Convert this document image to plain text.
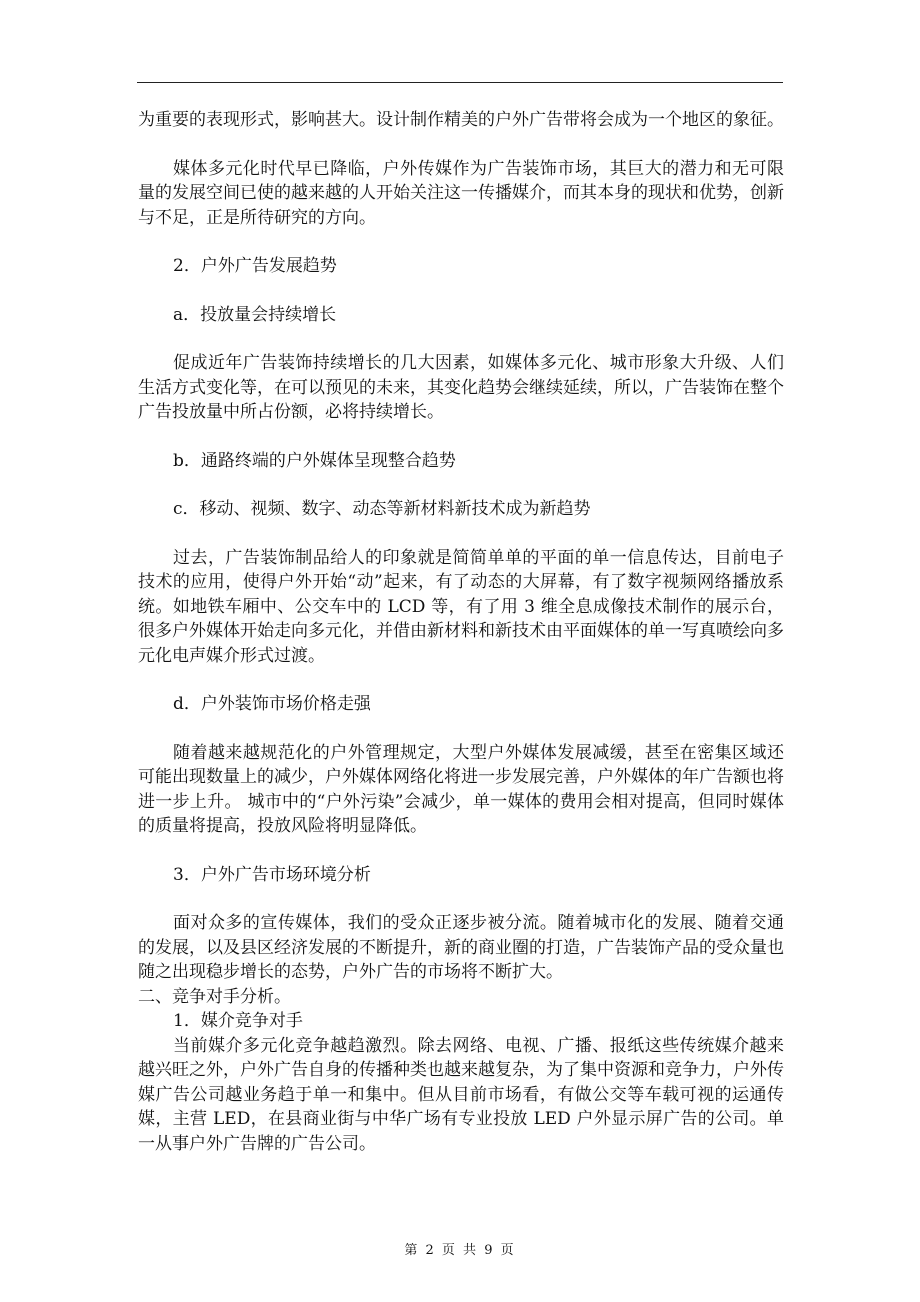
为重要的表现形式，影响甚大。设计制作精美的户外广告带将会成为一个地区的象征。

媒体多元化时代早已降临，户外传媒作为广告装饰市场，其巨大的潜力和无可限量的发展空间已使的越来越的人开始关注这一传播媒介，而其本身的现状和优势，创新与不足，正是所待研究的方向。

2．户外广告发展趋势

a．投放量会持续增长

促成近年广告装饰持续增长的几大因素，如媒体多元化、城市形象大升级、人们生活方式变化等，在可以预见的未来，其变化趋势会继续延续，所以，广告装饰在整个广告投放量中所占份额，必将持续增长。

b．通路终端的户外媒体呈现整合趋势

c．移动、视频、数字、动态等新材料新技术成为新趋势

过去，广告装饰制品给人的印象就是简简单单的平面的单一信息传达，目前电子技术的应用，使得户外开始“动”起来，有了动态的大屏幕，有了数字视频网络播放系统。如地铁车厢中、公交车中的 LCD 等，有了用 3 维全息成像技术制作的展示台，很多户外媒体开始走向多元化，并借由新材料和新技术由平面媒体的单一写真喷绘向多元化电声媒介形式过渡。

d．户外装饰市场价格走强

随着越来越规范化的户外管理规定，大型户外媒体发展减缓，甚至在密集区域还可能出现数量上的减少，户外媒体网络化将进一步发展完善，户外媒体的年广告额也将进一步上升。 城市中的“户外污染”会减少，单一媒体的费用会相对提高，但同时媒体的质量将提高，投放风险将明显降低。

3．户外广告市场环境分析

面对众多的宣传媒体，我们的受众正逐步被分流。随着城市化的发展、随着交通的发展，以及县区经济发展的不断提升，新的商业圈的打造，广告装饰产品的受众量也随之出现稳步增长的态势，户外广告的市场将不断扩大。

二、竞争对手分析。

1．媒介竞争对手

当前媒介多元化竞争越趋激烈。除去网络、电视、广播、报纸这些传统媒介越来越兴旺之外，户外广告自身的传播种类也越来越复杂，为了集中资源和竞争力，户外传媒广告公司越业务趋于单一和集中。但从目前市场看，有做公交等车载可视的运通传媒，主营 LED，在县商业街与中华广场有专业投放 LED 户外显示屏广告的公司。单一从事户外广告牌的广告公司。

第 2 页 共 9 页
